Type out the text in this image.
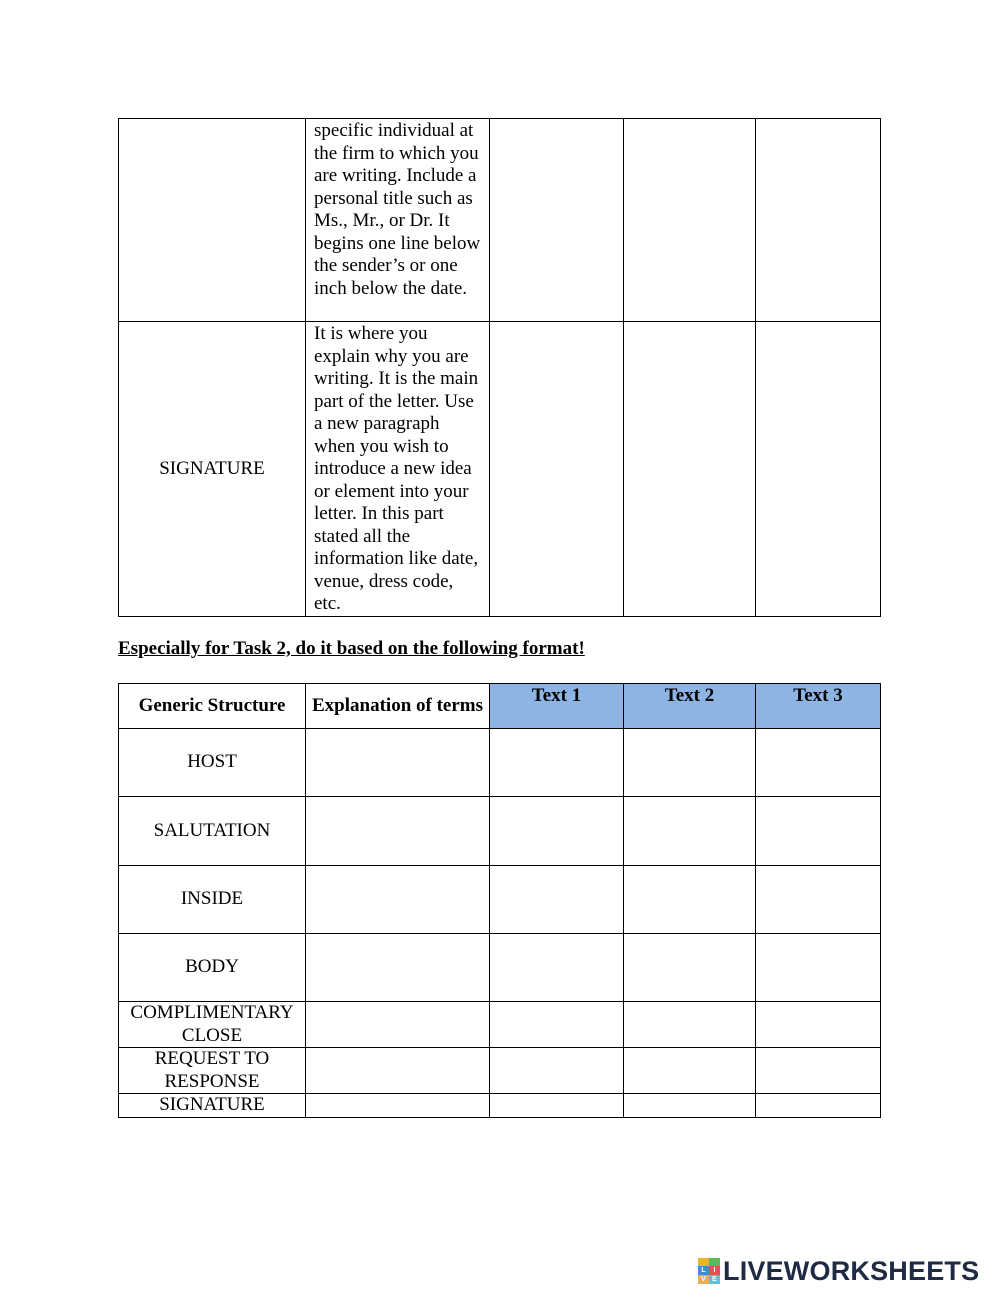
	specific individual at the firm to which you are writing. Include a personal title such as Ms., Mr., or Dr. It begins one line below the sender’s or one inch below the date.			
SIGNATURE	It is where you explain why you are writing. It is the main part of the letter. Use a new paragraph when you wish to introduce a new idea or element into your letter. In this part stated all the information like date, venue, dress code, etc.			
Especially for Task 2, do it based on the following format!
Generic Structure	Explanation of terms	Text 1	Text 2	Text 3
HOST				
SALUTATION				
INSIDE				
BODY				
COMPLIMENTARY CLOSE				
REQUEST TO RESPONSE				
SIGNATURE				
L	I
V E LIVEWORKSHEETS
